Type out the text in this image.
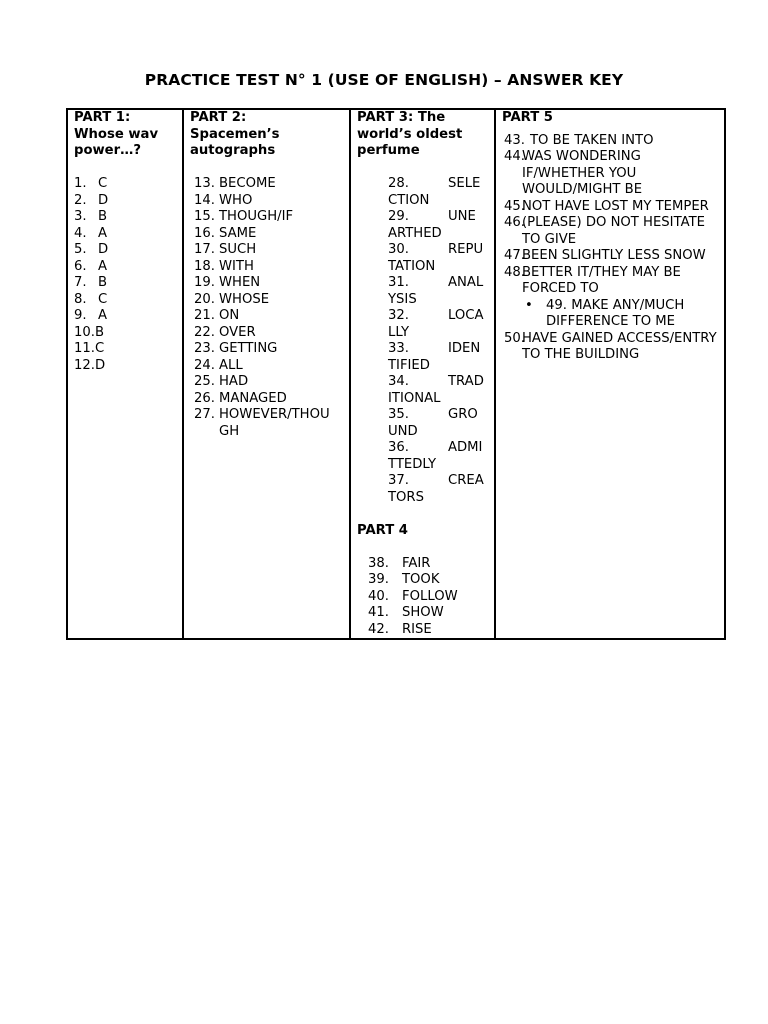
PRACTICE TEST N° 1 (USE OF ENGLISH) – ANSWER KEY
PART 1:
Whose wav
power…?
1. C
2. D
3. B
4. A
5. D
6. A
7. B
8. C
9. A
10.B
11.C
12.D

PART 2:
Spacemen’s
autographs
13. BECOME
14. WHO
15. THOUGH/IF
16. SAME
17. SUCH
18. WITH
19. WHEN
20. WHOSE
21. ON
22. OVER
23. GETTING
24. ALL
25. HAD
26. MANAGED
27. HOWEVER/THOU
GH

PART 3: The
world’s oldest
perfume
28.	SELE
CTION
29.	UNE
ARTHED
30.	REPU
TATION
31.	ANAL
YSIS
32.	LOCA
LLY
33.	IDEN
TIFIED
34.	TRAD
ITIONAL
35.	GRO
UND
36.	ADMI
TTEDLY
37.	CREA
TORS
PART 4
38. FAIR
39. TOOK
40. FOLLOW
41. SHOW
42. RISE

PART 5
43. TO BE TAKEN INTO
44.
WAS WONDERING IF/WHETHER YOU WOULD/MIGHT BE
45.
NOT HAVE LOST MY TEMPER
46.
(PLEASE) DO NOT HESITATE TO GIVE
47.
BEEN SLIGHTLY LESS SNOW
48.
BETTER IT/THEY MAY BE FORCED TO
• 49. MAKE ANY/MUCH DIFFERENCE TO ME
50.
HAVE GAINED ACCESS/ENTRY TO THE BUILDING
